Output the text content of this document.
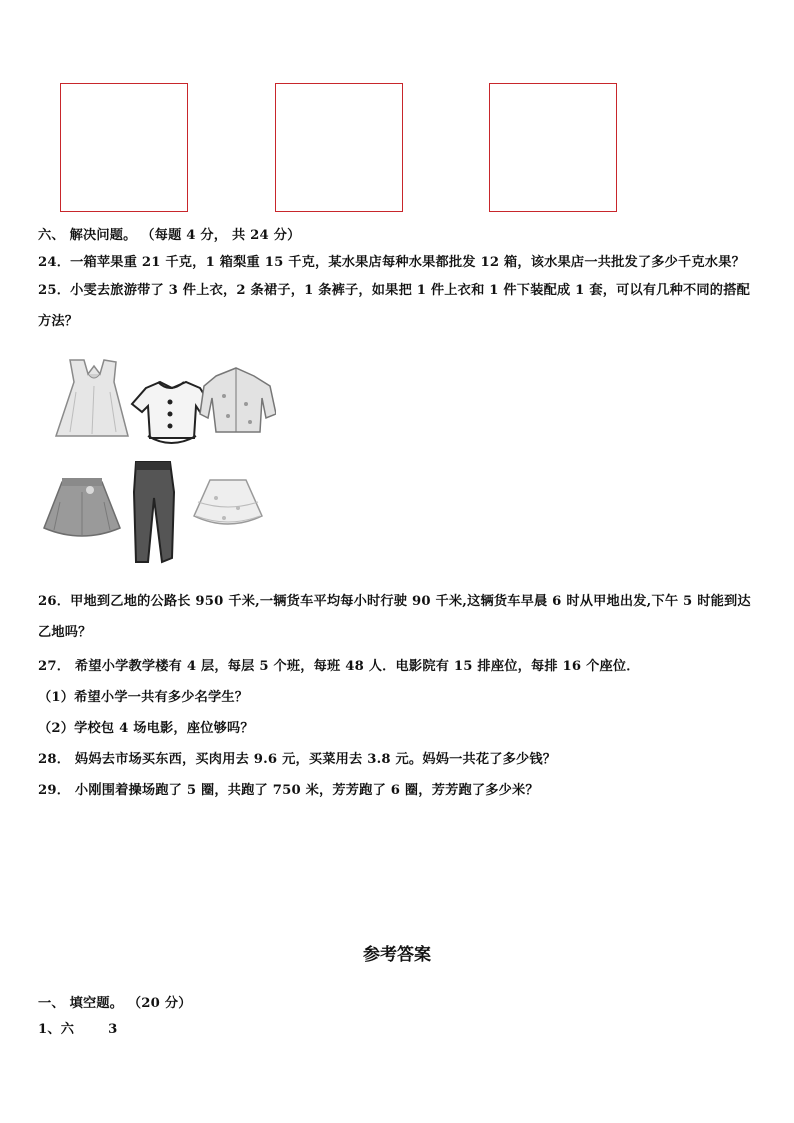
六、 解决问题。 （每题 4 分， 共 24 分）
24．一箱苹果重 21 千克，1 箱梨重 15 千克，某水果店每种水果都批发 12 箱，该水果店一共批发了多少千克水果？
25．小雯去旅游带了 3 件上衣，2 条裙子，1 条裤子，如果把 1 件上衣和 1 件下装配成 1 套，可以有几种不同的搭配方法？
26．甲地到乙地的公路长 950 千米,一辆货车平均每小时行驶 90 千米,这辆货车早晨 6 时从甲地出发,下午 5 时能到达乙地吗？
27． 希望小学教学楼有 4 层，每层 5 个班，每班 48 人．电影院有 15 排座位，每排 16 个座位．
（1）希望小学一共有多少名学生？
（2）学校包 4 场电影，座位够吗？
28． 妈妈去市场买东西，买肉用去 9.6 元，买菜用去 3.8 元。妈妈一共花了多少钱？
29． 小刚围着操场跑了 5 圈，共跑了 750 米，芳芳跑了 6 圈，芳芳跑了多少米？
参考答案
一、 填空题。 （20 分）
1、六	3
